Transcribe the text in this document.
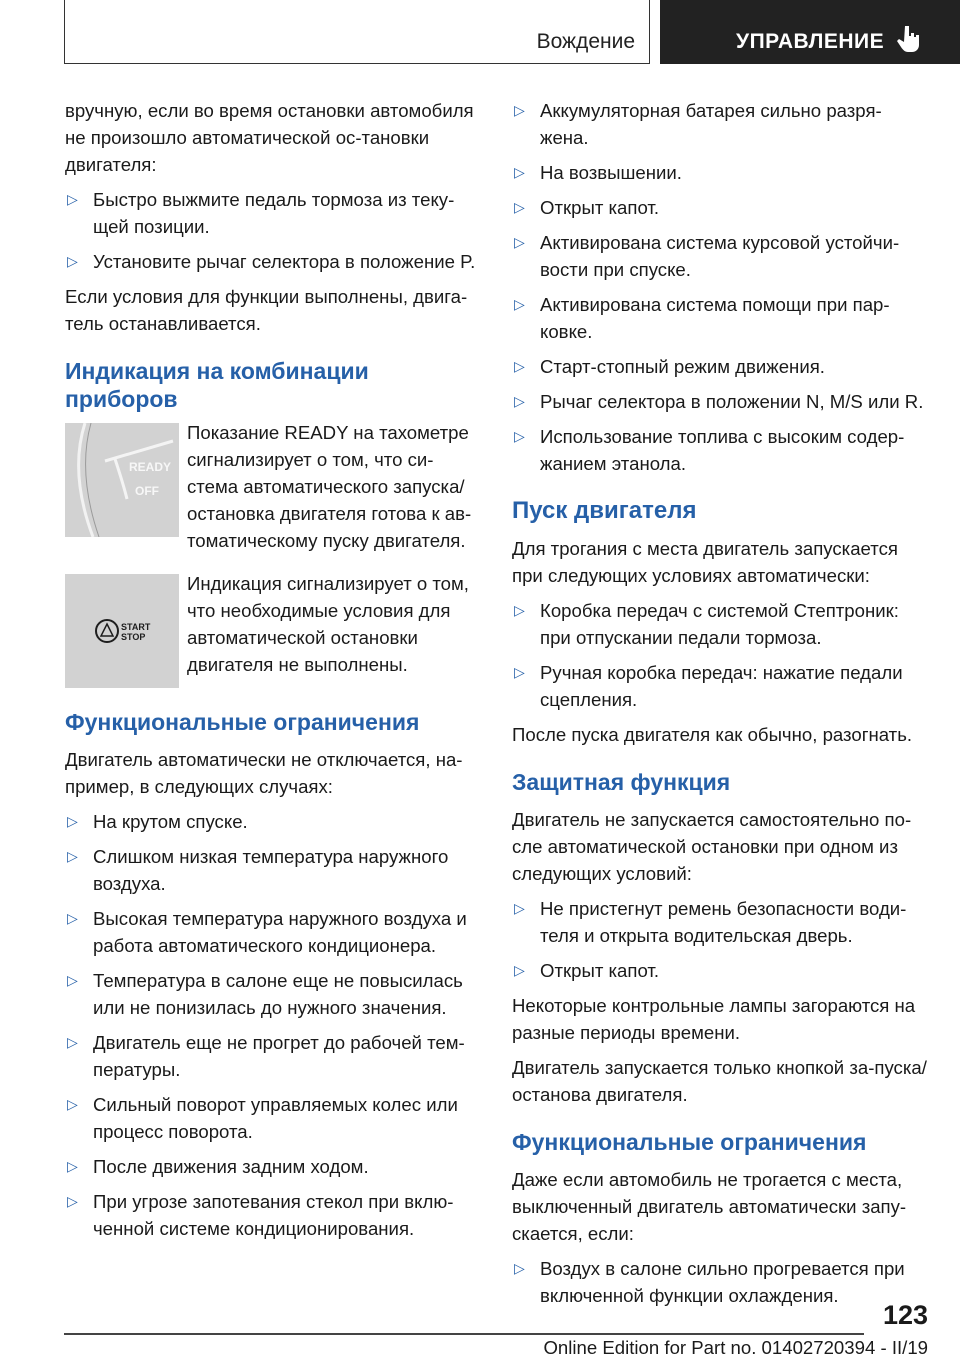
Вождение	УПРАВЛЕНИЕ

вручную, если во время остановки автомобиля не произошло автоматической ос‐тановки двигателя:

▷ Быстро выжмите педаль тормоза из теку‐щей позиции.
▷ Установите рычаг селектора в положение P.

Если условия для функции выполнены, двига‐тель останавливается.

Индикация на комбинации приборов
READY
OFF
Показание READY на тахометре сигнализирует о том, что си‐стема автоматического запуска/остановка двигателя готова к ав‐томатическому пуску двигателя.
START
STOP
Индикация сигнализирует о том, что необходимые условия для автоматической остановки двигателя не выполнены.
Функциональные ограничения

Двигатель автоматически не отключается, на‐пример, в следующих случаях:

▷ На крутом спуске.
▷ Слишком низкая температура наружного воздуха.
▷ Высокая температура наружного воздуха и работа автоматического кондиционера.
▷ Температура в салоне еще не повысилась или не понизилась до нужного значения.
▷ Двигатель еще не прогрет до рабочей тем‐пературы.
▷ Сильный поворот управляемых колес или процесс поворота.
▷ После движения задним ходом.
▷ При угрозе запотевания стекол при вклю‐ченной системе кондиционирования.
▷ Аккумуляторная батарея сильно разря‐жена.
▷ На возвышении.
▷ Открыт капот.
▷ Активирована система курсовой устойчи‐вости при спуске.
▷ Активирована система помощи при пар‐ковке.
▷ Старт-стопный режим движения.
▷ Рычаг селектора в положении N, M/S или R.
▷ Использование топлива с высоким содер‐жанием этанола.
Пуск двигателя

Для трогания с места двигатель запускается при следующих условиях автоматически:

▷ Коробка передач с системой Стептроник: при отпускании педали тормоза.
▷ Ручная коробка передач: нажатие педали сцепления.

После пуска двигателя как обычно, разогнать.

Защитная функция

Двигатель не запускается самостоятельно по‐сле автоматической остановки при одном из следующих условий:

▷ Не пристегнут ремень безопасности води‐теля и открыта водительская дверь.
▷ Открыт капот.

Некоторые контрольные лампы загораются на разные периоды времени.

Двигатель запускается только кнопкой за‐пуска/останова двигателя.

Функциональные ограничения

Даже если автомобиль не трогается с места, выключенный двигатель автоматически запу‐скается, если:

▷ Воздух в салоне сильно прогревается при включенной функции охлаждения.
123
Online Edition for Part no. 01402720394 - II/19
